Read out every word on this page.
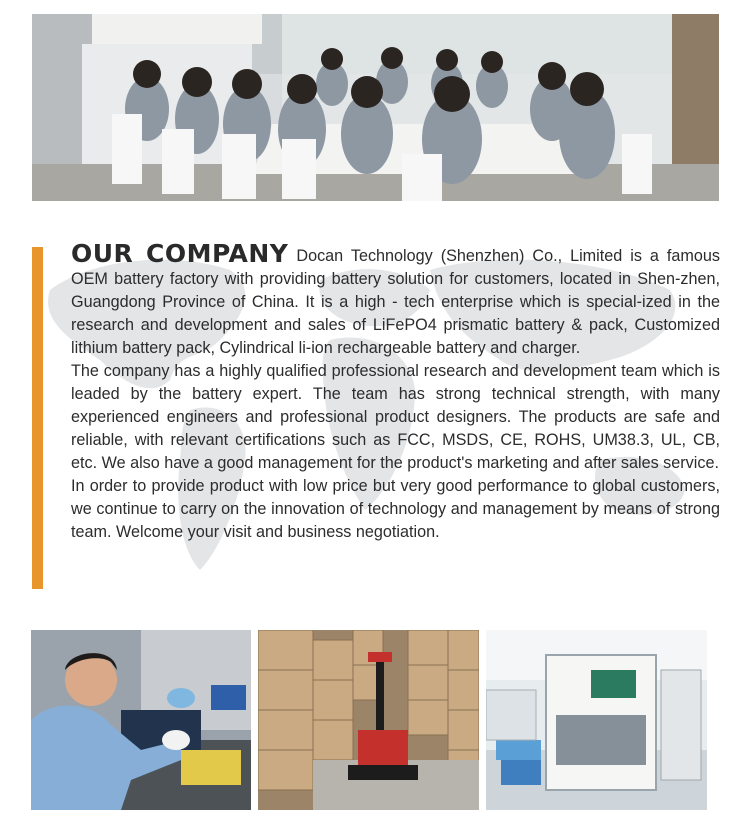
OUR COMPANY Docan Technology (Shenzhen) Co., Limited is a famous OEM battery factory with providing battery solution for customers, located in Shen-zhen, Guangdong Province of China. It is a high - tech enterprise which is special-ized in the research and development and sales of LiFePO4 prismatic battery & pack, Customized lithium battery pack, Cylindrical li-ion rechargeable battery and charger.

The company has a highly qualified professional research and development team which is leaded by the battery expert. The team has strong technical strength, with many experienced engineers and professional product designers. The products are safe and reliable, with relevant certifications such as FCC, MSDS, CE, ROHS, UM38.3, UL, CB, etc. We also have a good management for the product's marketing and after sales service.

In order to provide product with low price but very good performance to global customers, we continue to carry on the innovation of technology and management by means of strong team. Welcome your visit and business negotiation.
